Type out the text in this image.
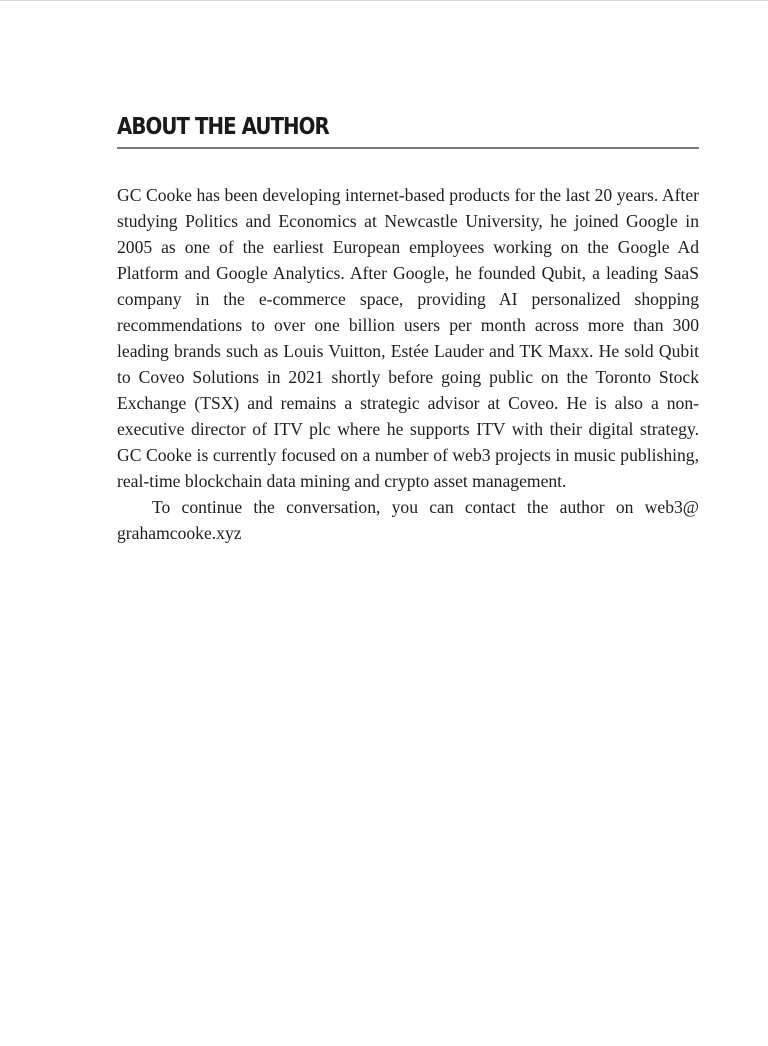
ABOUT THE AUTHOR

GC Cooke has been developing internet-based products for the last 20 years. After studying Politics and Economics at Newcastle University, he joined Google in 2005 as one of the earliest European employees working on the Google Ad Platform and Google Analytics. After Google, he founded Qubit, a leading SaaS company in the e-commerce space, providing AI personalized shopping recommendations to over one billion users per month across more than 300 leading brands such as Louis Vuitton, Estée Lauder and TK Maxx. He sold Qubit to Coveo Solutions in 2021 shortly before going public on the Toronto Stock Exchange (TSX) and remains a strategic advisor at Coveo. He is also a non-executive director of ITV plc where he supports ITV with their digital strategy. GC Cooke is currently focused on a number of web3 projects in music publishing, real-time blockchain data mining and crypto asset management.

To continue the conversation, you can contact the author on web3@ grahamcooke.xyz
